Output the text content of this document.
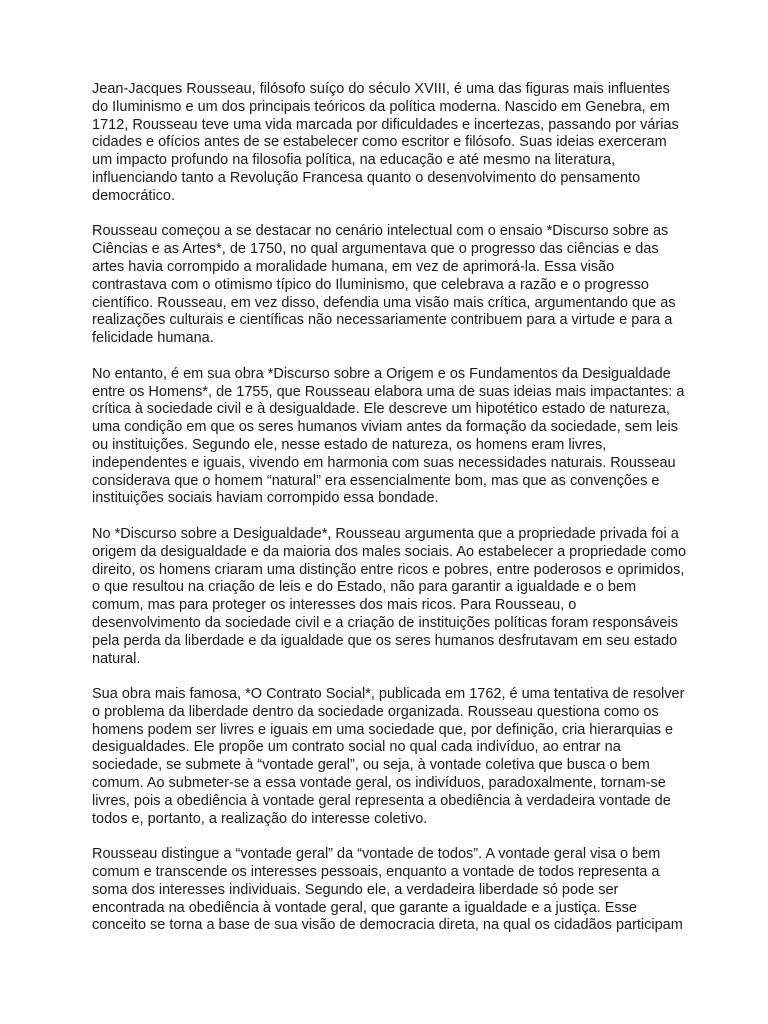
Jean-Jacques Rousseau, filósofo suíço do século XVIII, é uma das figuras mais influentes
do Iluminismo e um dos principais teóricos da política moderna. Nascido em Genebra, em
1712, Rousseau teve uma vida marcada por dificuldades e incertezas, passando por várias
cidades e ofícios antes de se estabelecer como escritor e filósofo. Suas ideias exerceram
um impacto profundo na filosofia política, na educação e até mesmo na literatura,
influenciando tanto a Revolução Francesa quanto o desenvolvimento do pensamento
democrático.
Rousseau começou a se destacar no cenário intelectual com o ensaio *Discurso sobre as
Ciências e as Artes*, de 1750, no qual argumentava que o progresso das ciências e das
artes havia corrompido a moralidade humana, em vez de aprimorá-la. Essa visão
contrastava com o otimismo típico do Iluminismo, que celebrava a razão e o progresso
científico. Rousseau, em vez disso, defendia uma visão mais crítica, argumentando que as
realizações culturais e científicas não necessariamente contribuem para a virtude e para a
felicidade humana.
No entanto, é em sua obra *Discurso sobre a Origem e os Fundamentos da Desigualdade
entre os Homens*, de 1755, que Rousseau elabora uma de suas ideias mais impactantes: a
crítica à sociedade civil e à desigualdade. Ele descreve um hipotético estado de natureza,
uma condição em que os seres humanos viviam antes da formação da sociedade, sem leis
ou instituições. Segundo ele, nesse estado de natureza, os homens eram livres,
independentes e iguais, vivendo em harmonia com suas necessidades naturais. Rousseau
considerava que o homem “natural” era essencialmente bom, mas que as convenções e
instituições sociais haviam corrompido essa bondade.
No *Discurso sobre a Desigualdade*, Rousseau argumenta que a propriedade privada foi a
origem da desigualdade e da maioria dos males sociais. Ao estabelecer a propriedade como
direito, os homens criaram uma distinção entre ricos e pobres, entre poderosos e oprimidos,
o que resultou na criação de leis e do Estado, não para garantir a igualdade e o bem
comum, mas para proteger os interesses dos mais ricos. Para Rousseau, o
desenvolvimento da sociedade civil e a criação de instituições políticas foram responsáveis
pela perda da liberdade e da igualdade que os seres humanos desfrutavam em seu estado
natural.
Sua obra mais famosa, *O Contrato Social*, publicada em 1762, é uma tentativa de resolver
o problema da liberdade dentro da sociedade organizada. Rousseau questiona como os
homens podem ser livres e iguais em uma sociedade que, por definição, cria hierarquias e
desigualdades. Ele propõe um contrato social no qual cada indivíduo, ao entrar na
sociedade, se submete à “vontade geral”, ou seja, à vontade coletiva que busca o bem
comum. Ao submeter-se a essa vontade geral, os indivíduos, paradoxalmente, tornam-se
livres, pois a obediência à vontade geral representa a obediência à verdadeira vontade de
todos e, portanto, a realização do interesse coletivo.
Rousseau distingue a “vontade geral” da “vontade de todos”. A vontade geral visa o bem
comum e transcende os interesses pessoais, enquanto a vontade de todos representa a
soma dos interesses individuais. Segundo ele, a verdadeira liberdade só pode ser
encontrada na obediência à vontade geral, que garante a igualdade e a justiça. Esse
conceito se torna a base de sua visão de democracia direta, na qual os cidadãos participam
